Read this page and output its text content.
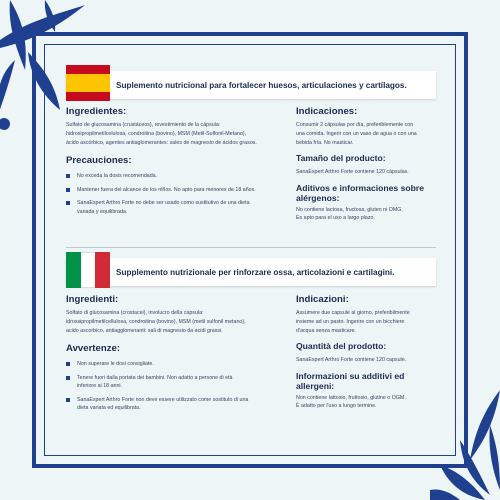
Suplemento nutricional para fortalecer huesos, articulaciones y cartílagos.
Ingredientes:
Sulfato de glucosamina (crustáceos), revestimiento de la cápsula:
hidroxipropilmetilcelulosa, condroitina (bovino), MSM (Metil-Sulfonil-Metano),
ácido ascórbico, agentes antiaglomerantes: sales de magnesio de ácidos grasos.
Precauciones:
No exceda la dosis recomendada.
Mantener fuera del alcance de los niños. No apto para menores de 18 años.
SanaExpert Arthro Forte no debe ser usado como sustitutivo de una dieta
variada y equilibrada.
Indicaciones:
Consumir 2 cápsulas por día, preferiblemente con
una comida. Ingerir con un vaso de agua o con una
bebida fría. No masticar.
Tamaño del producto:
SanaExpert Arthro Forte contiene 120 cápsulas.
Aditivos e informaciones sobre
alérgenos:
No contiene lactosa, fructosa, gluten ni OMG.
Es apto para el uso a largo plazo.
Supplemento nutrizionale per rinforzare ossa, articolazioni e cartilagini.
Ingredienti:
Solfato di glucosamina (crostacei), involucro della capsula:
idrossipropilmetilcellulosa, condroitina (bovino), MSM (metil sulfonil metano),
acido ascorbico, antiagglomeranti: sali di magnesio da acidi grassi.
Avvertenze:
Non superare le dosi consigliate.
Tenere fuori dalla portata dei bambini. Non adatto a persone di età
inferiore ai 18 anni.
SanaExpert Arthro Forte non deve essere utilizzato come sostituto di una
dieta variata ed equilibrata.
Indicazioni:
Assumere due capsule al giorno, preferibilmente
insieme ad un pasto. Ingerire con un bicchiere
d'acqua senza masticare.
Quantità del prodotto:
SanaExpert Arthro Forte contiene 120 capsule.
Informazioni su additivi ed
allergeni:
Non contiene lattosio, fruttosio, glutine o OGM.
È adatto per l'uso a lungo termine.
